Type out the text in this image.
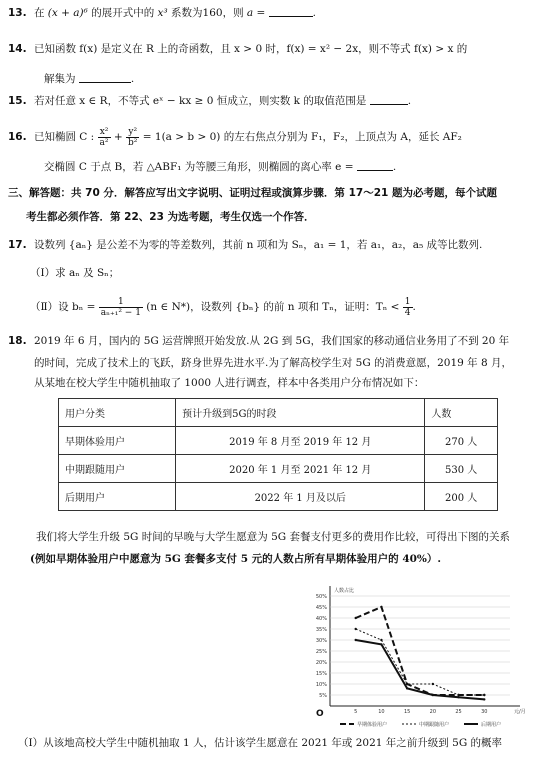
13. 在 (x + a)⁶ 的展开式中的 x³ 系数为160，则 a =	.
14. 已知函数 f(x) 是定义在 R 上的奇函数，且 x > 0 时，f(x) = x² − 2x，则不等式 f(x) > x 的
解集为	.
15. 若对任意 x ∈ R，不等式 eˣ − kx ≥ 0 恒成立，则实数 k 的取值范围是	.
16. 已知椭圆 C : $\frac{\text{x²}}{\text{a²}} + \frac{\text{y²}}{\text{b²}} = 1(a > b > 0)$ 的左右焦点分别为 F₁，F₂，上顶点为 A，延长 AF₂
交椭圆 C 于点 B，若 △ABF₁ 为等腰三角形，则椭圆的离心率 e =	.
三、解答题：共 70 分．解答应写出文字说明、证明过程或演算步骤．第 17～21 题为必考题，每个试题
考生都必须作答．第 22、23 为选考题，考生仅选一个作答．
17. 设数列 {aₙ} 是公差不为零的等差数列，其前 n 项和为 Sₙ，a₁ = 1，若 a₁，a₂，a₅ 成等比数列.
（Ⅰ）求 aₙ 及 Sₙ；
（Ⅱ）设 $b_n = \frac{1}{\text{aₙ₊₁² − 1}} (n$ ∈ N*)，设数列 {bₙ} 的前 n 项和 Tₙ，证明：$T_n < \frac{1}{4}$ .
18. 2019 年 6 月，国内的 5G 运营牌照开始发放.从 2G 到 5G，我们国家的移动通信业务用了不到 20 年
的时间，完成了技术上的飞跃，跻身世界先进水平.为了解高校学生对 5G 的消费意愿，2019 年 8 月，
从某地在校大学生中随机抽取了 1000 人进行调查，样本中各类用户分布情况如下：
用户分类	预计升级到5G的时段	人数
早期体验用户	2019 年 8 月至 2019 年 12 月	270 人
中期跟随用户	2020 年 1 月至 2021 年 12 月	530 人
后期用户	2022 年 1 月及以后	200 人
我们将大学生升级 5G 时间的早晚与大学生愿意为 5G 套餐支付更多的费用作比较，可得出下图的关系
(例如早期体验用户中愿意为 5G 套餐多支付 5 元的人数占所有早期体验用户的 40%）.
5%
10%
15%
20%
25%
30%
35%
40%
45%
50%
5	10	15	20	25	30
人数占比
元/月
O
早期体验用户	中期跟随用户	后期用户
（Ⅰ）从该地高校大学生中随机抽取 1 人，估计该学生愿意在 2021 年或 2021 年之前升级到 5G 的概率
